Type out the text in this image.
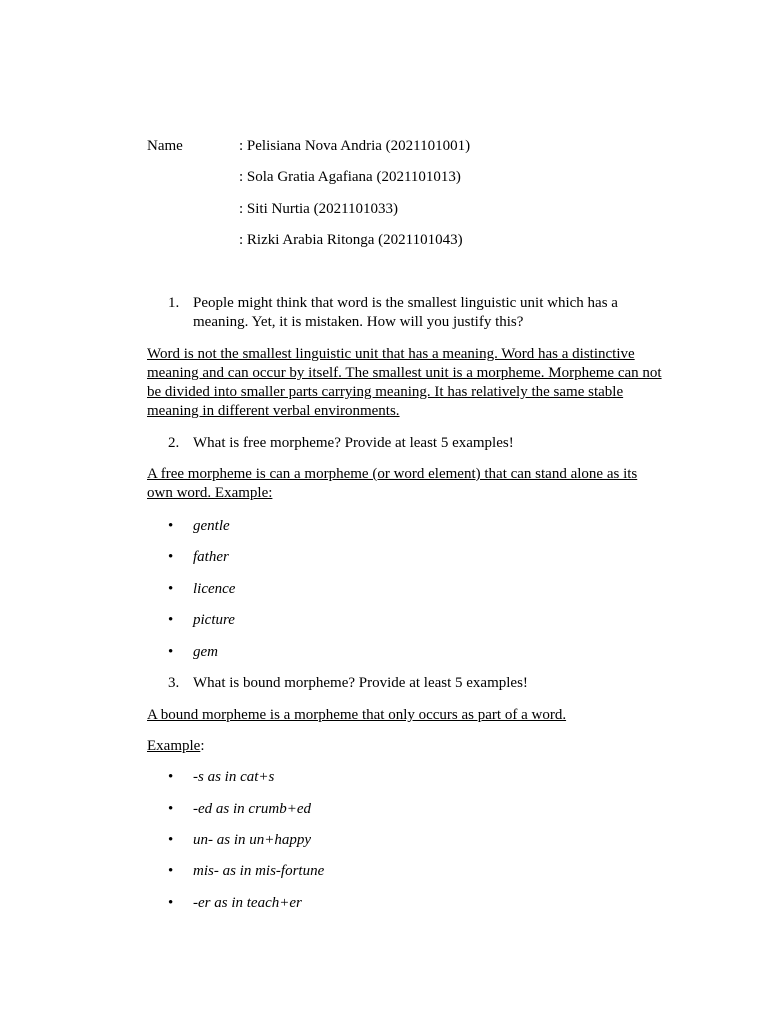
Name	: Pelisiana Nova Andria (2021101001)
: Sola Gratia Agafiana (2021101013)
: Siti Nurtia (2021101033)
: Rizki Arabia Ritonga (2021101043)
1. People might think that word is the smallest linguistic unit which has a meaning. Yet, it is mistaken. How will you justify this?
Word is not the smallest linguistic unit that has a meaning. Word has a distinctive meaning and can occur by itself. The smallest unit is a morpheme. Morpheme can not be divided into smaller parts carrying meaning. It has relatively the same stable meaning in different verbal environments.
2. What is free morpheme? Provide at least 5 examples!
A free morpheme is can a morpheme (or word element) that can stand alone as its own word. Example:
• gentle
• father
• licence
• picture
• gem
3. What is bound morpheme? Provide at least 5 examples!
A bound morpheme is a morpheme that only occurs as part of a word.
Example:
• -s as in cat+s
• -ed as in crumb+ed
• un- as in un+happy
• mis- as in mis-fortune
• -er as in teach+er
